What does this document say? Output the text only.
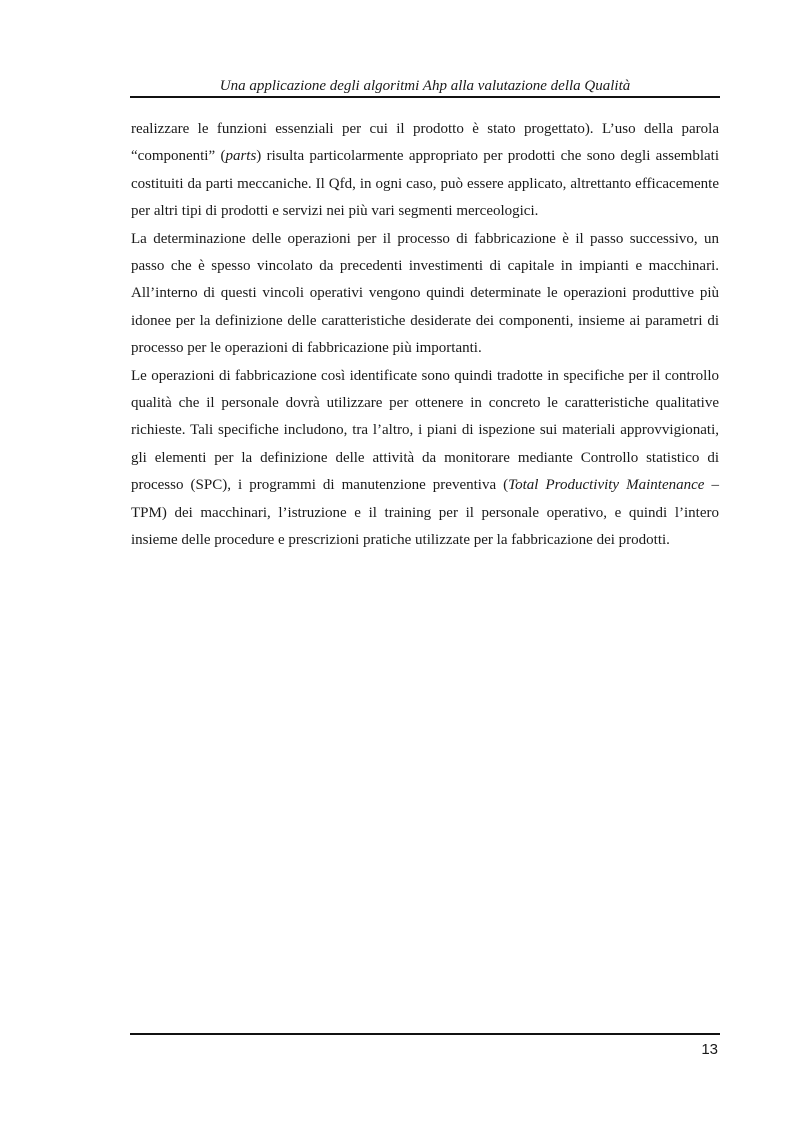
Una applicazione degli algoritmi Ahp alla valutazione della Qualità

realizzare le funzioni essenziali per cui il prodotto è stato progettato). L’uso della parola “componenti” (parts) risulta particolarmente appropriato per prodotti che sono degli assemblati costituiti da parti meccaniche. Il Qfd, in ogni caso, può essere applicato, altrettanto efficacemente per altri tipi di prodotti e servizi nei più vari segmenti merceologici.

La determinazione delle operazioni per il processo di fabbricazione è il passo successivo, un passo che è spesso vincolato da precedenti investimenti di capitale in impianti e macchinari. All’interno di questi vincoli operativi vengono quindi determinate le operazioni produttive più idonee per la definizione delle caratteristiche desiderate dei componenti, insieme ai parametri di processo per le operazioni di fabbricazione più importanti.

Le operazioni di fabbricazione così identificate sono quindi tradotte in specifiche per il controllo qualità che il personale dovrà utilizzare per ottenere in concreto le caratteristiche qualitative richieste. Tali specifiche includono, tra l’altro, i piani di ispezione sui materiali approvvigionati, gli elementi per la definizione delle attività da monitorare mediante Controllo statistico di processo (SPC), i programmi di manutenzione preventiva (Total Productivity Maintenance – TPM) dei macchinari, l’istruzione e il training per il personale operativo, e quindi l’intero insieme delle procedure e prescrizioni pratiche utilizzate per la fabbricazione dei prodotti.

13
